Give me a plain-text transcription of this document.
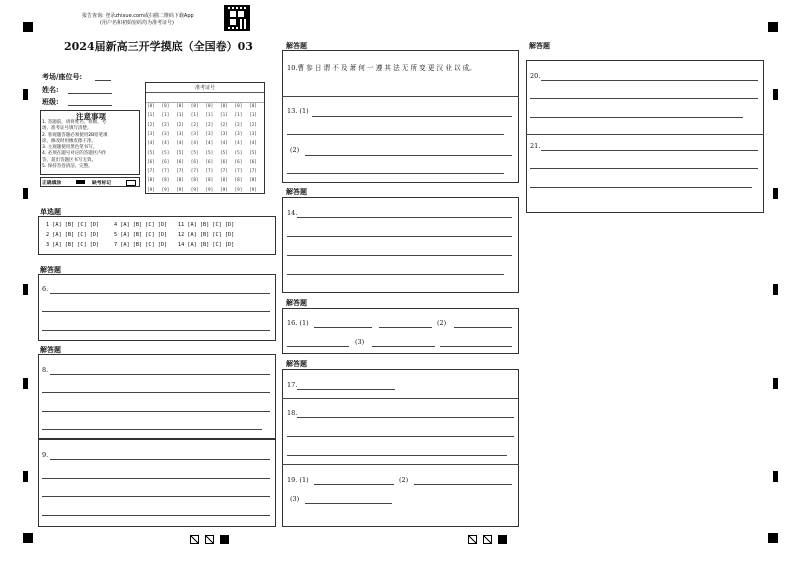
报告查询: 登录zhixue.com或扫描二维码下载App
(用户名和初始密码均为准考证号)
2024届新高三开学摸底（全国卷）03
考场/座位号:
姓名:
班级:
准考证号
[0] [0] [0] [0] [0] [0] [0] [0]
[1] [1] [1] [1] [1] [1] [1] [1]
[2] [2] [2] [2] [2] [2] [2] [2]
[3] [3] [3] [3] [3] [3] [3] [3]
[4] [4] [4] [4] [4] [4] [4] [4]
[5] [5] [5] [5] [5] [5] [5] [5]
[6] [6] [6] [6] [6] [6] [6] [6]
[7] [7] [7] [7] [7] [7] [7] [7]
[8] [8] [8] [8] [8] [8] [8] [8]
[9] [9] [9] [9] [9] [9] [9] [9]
注意事项
1. 答题前，请将姓名、班级、考
场、准考证号填写清楚。
2. 客观题答题必须使用2B铅笔填
涂，修改时用橡皮擦干净。
3. 主观题使用黑色笔书写。
4. 必须在题号对应的答题区内作
答，超出答题区书写无效。
5. 保持答卷清洁、完整。
正确填涂	缺考标记
单选题
1 [A] [B] [C] [D]	4 [A] [B] [C] [D] 11 [A] [B] [C] [D]
2 [A] [B] [C] [D]	5 [A] [B] [C] [D] 12 [A] [B] [C] [D]
3 [A] [B] [C] [D]	7 [A] [B] [C] [D] 14 [A] [B] [C] [D]
解答题
6.
解答题
8.
9.
解答题
10.曹 参 日 谓 不 及 萧 何 一 遵 其 法 无 所 变 更 汉 业 以 成。
13. (1)
(2)
解答题
14.
解答题
16. (1)	(2)
(3)
解答题
17.
18.
19. (1)	(2)
(3)
解答题
20.
21.
